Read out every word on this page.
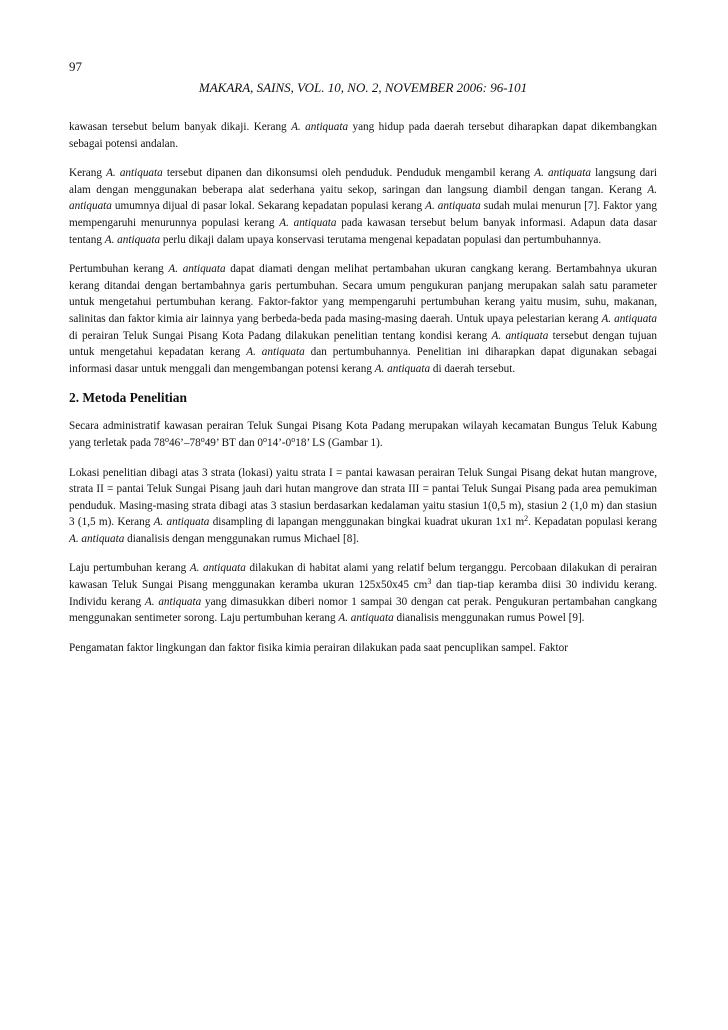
97
MAKARA, SAINS, VOL. 10, NO. 2, NOVEMBER 2006: 96-101

kawasan tersebut belum banyak dikaji. Kerang A. antiquata yang hidup pada daerah tersebut diharapkan dapat dikembangkan sebagai potensi andalan.

Kerang A. antiquata tersebut dipanen dan dikonsumsi oleh penduduk. Penduduk mengambil kerang A. antiquata langsung dari alam dengan menggunakan beberapa alat sederhana yaitu sekop, saringan dan langsung diambil dengan tangan. Kerang A. antiquata umumnya dijual di pasar lokal. Sekarang kepadatan populasi kerang A. antiquata sudah mulai menurun [7]. Faktor yang mempengaruhi menurunnya populasi kerang A. antiquata pada kawasan tersebut belum banyak informasi. Adapun data dasar tentang A. antiquata perlu dikaji dalam upaya konservasi terutama mengenai kepadatan populasi dan pertumbuhannya.

Pertumbuhan kerang A. antiquata dapat diamati dengan melihat pertambahan ukuran cangkang kerang. Bertambahnya ukuran kerang ditandai dengan bertambahnya garis pertumbuhan. Secara umum pengukuran panjang merupakan salah satu parameter untuk mengetahui pertumbuhan kerang. Faktor-faktor yang mempengaruhi pertumbuhan kerang yaitu musim, suhu, makanan, salinitas dan faktor kimia air lainnya yang berbeda-beda pada masing-masing daerah. Untuk upaya pelestarian kerang A. antiquata di perairan Teluk Sungai Pisang Kota Padang dilakukan penelitian tentang kondisi kerang A. antiquata tersebut dengan tujuan untuk mengetahui kepadatan kerang A. antiquata dan pertumbuhannya. Penelitian ini diharapkan dapat digunakan sebagai informasi dasar untuk menggali dan mengembangan potensi kerang A. antiquata di daerah tersebut.

2. Metoda Penelitian

Secara administratif kawasan perairan Teluk Sungai Pisang Kota Padang merupakan wilayah kecamatan Bungus Teluk Kabung yang terletak pada 78$^o$46’–78$^o$49’ BT dan 0$^o$14’-0$^o$18’ LS (Gambar 1).

Lokasi penelitian dibagi atas 3 strata (lokasi) yaitu strata I = pantai kawasan perairan Teluk Sungai Pisang dekat hutan mangrove, strata II = pantai Teluk Sungai Pisang jauh dari hutan mangrove dan strata III = pantai Teluk Sungai Pisang pada area pemukiman penduduk. Masing-masing strata dibagi atas 3 stasiun berdasarkan kedalaman yaitu stasiun 1(0,5 m), stasiun 2 (1,0 m) dan stasiun 3 (1,5 m). Kerang A. antiquata disampling di lapangan menggunakan bingkai kuadrat ukuran 1x1 $m^2$. Kepadatan populasi kerang A. antiquata dianalisis dengan menggunakan rumus Michael [8].

Laju pertumbuhan kerang A. antiquata dilakukan di habitat alami yang relatif belum terganggu. Percobaan dilakukan di perairan kawasan Teluk Sungai Pisang menggunakan keramba ukuran 125x50x45 $cm^3$ dan tiap-tiap keramba diisi 30 individu kerang. Individu kerang A. antiquata yang dimasukkan diberi nomor 1 sampai 30 dengan cat perak. Pengukuran pertambahan cangkang menggunakan sentimeter sorong. Laju pertumbuhan kerang A. antiquata dianalisis menggunakan rumus Powel [9].

Pengamatan faktor lingkungan dan faktor fisika kimia perairan dilakukan pada saat pencuplikan sampel. Faktor
